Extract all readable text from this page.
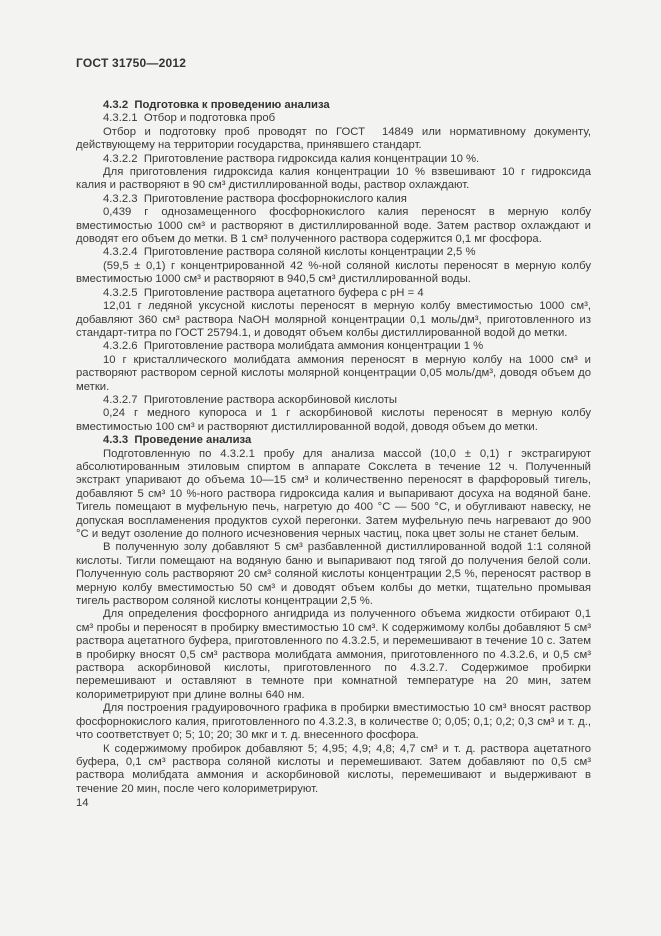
ГОСТ 31750—2012

4.3.2  Подготовка к проведению анализа

4.3.2.1  Отбор и подготовка проб

Отбор и подготовку проб проводят по ГОСТ  14849 или нормативному документу, действующему на территории государства, принявшего стандарт.

4.3.2.2  Приготовление раствора гидроксида калия концентрации 10 %.

Для приготовления гидроксида калия концентрации 10 % взвешивают 10 г гидроксида калия и растворяют в 90 см³ дистиллированной воды, раствор охлаждают.

4.3.2.3  Приготовление раствора фосфорнокислого калия

0,439 г однозамещенного фосфорнокислого калия переносят в мерную колбу вместимостью 1000 см³ и растворяют в дистиллированной воде. Затем раствор охлаждают и доводят его объем до метки. В 1 см³ полученного раствора содержится 0,1 мг фосфора.

4.3.2.4  Приготовление раствора соляной кислоты концентрации 2,5 %

(59,5 ± 0,1) г концентрированной 42 %-ной соляной кислоты переносят в мерную колбу вместимостью 1000 см³ и растворяют в 940,5 см³ дистиллированной воды.

4.3.2.5  Приготовление раствора ацетатного буфера с pH = 4

12,01 г ледяной уксусной кислоты переносят в мерную колбу вместимостью 1000 см³, добавляют 360 см³ раствора NaOH молярной концентрации 0,1 моль/дм³, приготовленного из стандарт-титра по ГОСТ 25794.1, и доводят объем колбы дистиллированной водой до метки.

4.3.2.6  Приготовление раствора молибдата аммония концентрации 1 %

10 г кристаллического молибдата аммония переносят в мерную колбу на 1000 см³ и растворяют раствором серной кислоты молярной концентрации 0,05 моль/дм³, доводя объем до метки.

4.3.2.7  Приготовление раствора аскорбиновой кислоты

0,24 г медного купороса и 1 г аскорбиновой кислоты переносят в мерную колбу вместимостью 100 см³ и растворяют дистиллированной водой, доводя объем до метки.

4.3.3  Проведение анализа

Подготовленную по 4.3.2.1 пробу для анализа массой (10,0 ± 0,1) г экстрагируют абсолютированным этиловым спиртом в аппарате Сокслета в течение 12 ч. Полученный экстракт упаривают до объема 10—15 см³ и количественно переносят в фарфоровый тигель, добавляют 5 см³ 10 %-ного раствора гидроксида калия и выпаривают досуха на водяной бане. Тигель помещают в муфельную печь, нагретую до 400 °C — 500 °C, и обугливают навеску, не допуская воспламенения продуктов сухой перегонки. Затем муфельную печь нагревают до 900 °C и ведут озоление до полного исчезновения черных частиц, пока цвет золы не станет белым.

В полученную золу добавляют 5 см³ разбавленной дистиллированной водой 1:1 соляной кислоты. Тигли помещают на водяную баню и выпаривают под тягой до получения белой соли. Полученную соль растворяют 20 см³ соляной кислоты концентрации 2,5 %, переносят раствор в мерную колбу вместимостью 50 см³ и доводят объем колбы до метки, тщательно промывая тигель раствором соляной кислоты концентрации 2,5 %.

Для определения фосфорного ангидрида из полученного объема жидкости отбирают 0,1 см³ пробы и переносят в пробирку вместимостью 10 см³. К содержимому колбы добавляют 5 см³ раствора ацетатного буфера, приготовленного по 4.3.2.5, и перемешивают в течение 10 с. Затем в пробирку вносят 0,5 см³ раствора молибдата аммония, приготовленного по 4.3.2.6, и 0,5 см³ раствора аскорбиновой кислоты, приготовленного по 4.3.2.7. Содержимое пробирки перемешивают и оставляют в темноте при комнатной температуре на 20 мин, затем колориметрируют при длине волны 640 нм.

Для построения градуировочного графика в пробирки вместимостью 10 см³ вносят раствор фосфорнокислого калия, приготовленного по 4.3.2.3, в количестве 0; 0,05; 0,1; 0,2; 0,3 см³ и т. д., что соответствует 0; 5; 10; 20; 30 мкг и т. д. внесенного фосфора.

К содержимому пробирок добавляют 5; 4,95; 4,9; 4,8; 4,7 см³ и т. д. раствора ацетатного буфера, 0,1 см³ раствора соляной кислоты и перемешивают. Затем добавляют по 0,5 см³ раствора молибдата аммония и аскорбиновой кислоты, перемешивают и выдерживают в течение 20 мин, после чего колориметрируют.

14
